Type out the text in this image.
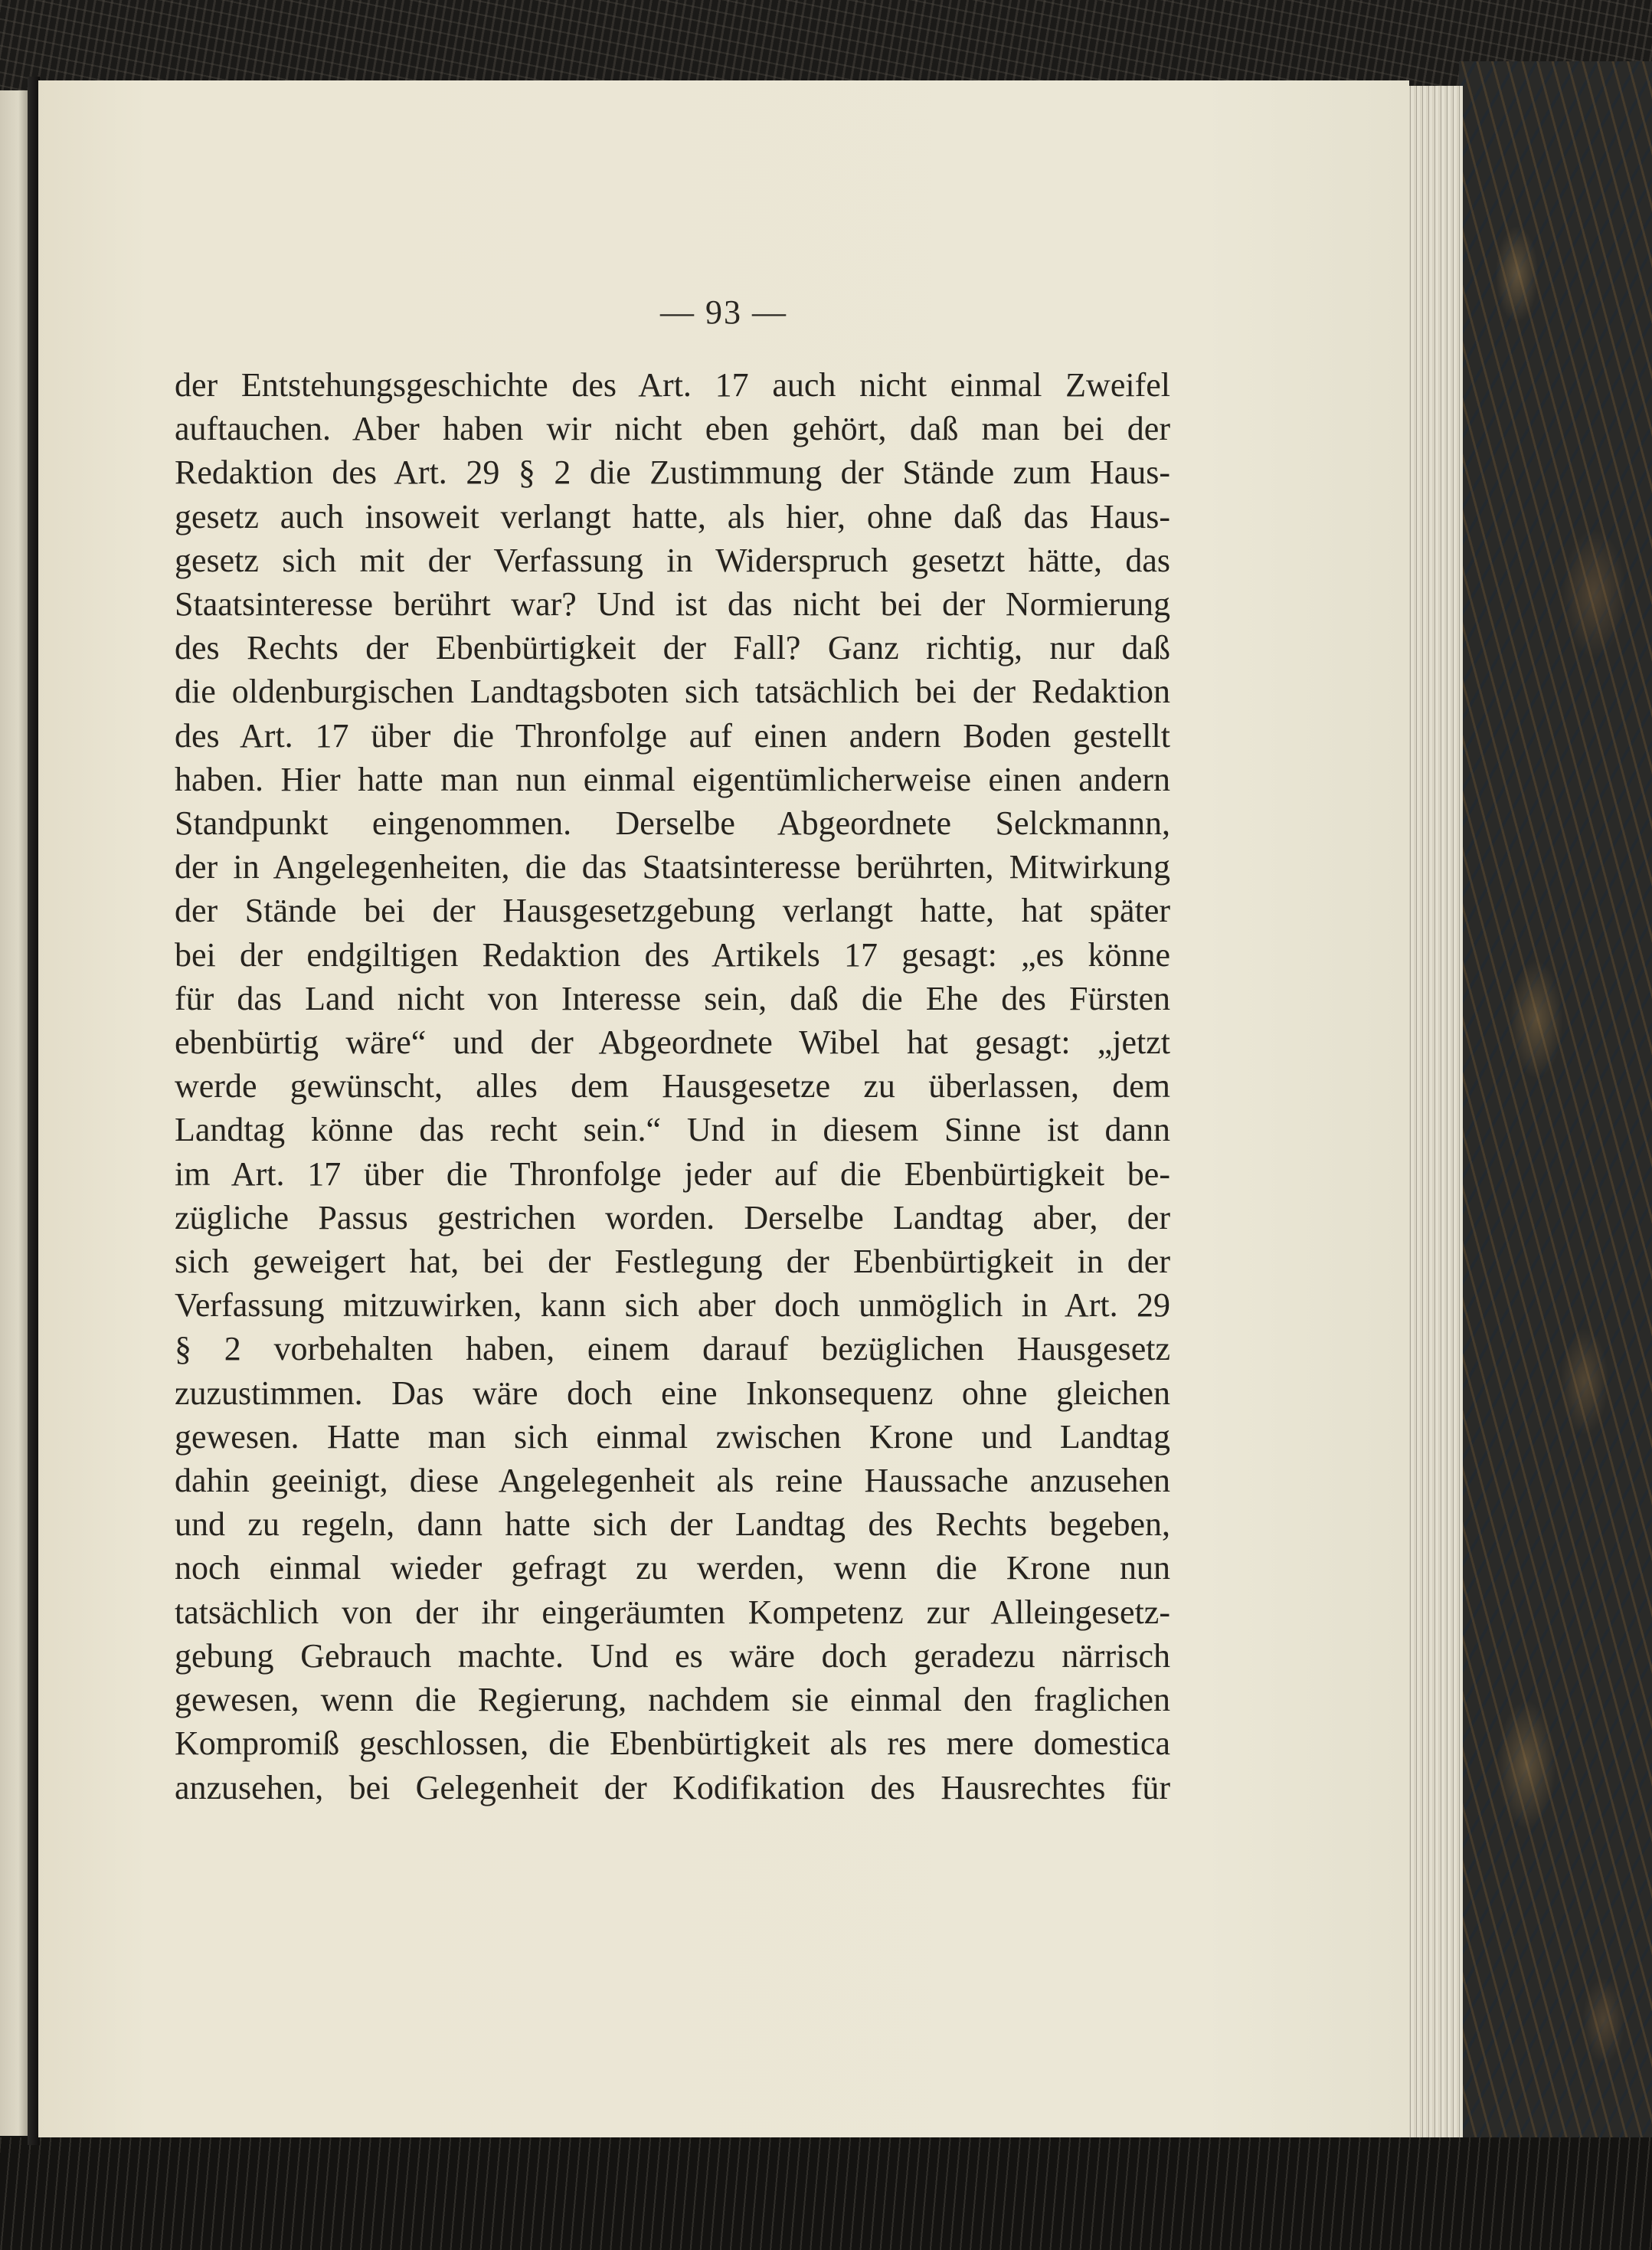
— 93 —

der Entstehungsgeschichte des Art. 17 auch nicht einmal Zweifel
auftauchen. Aber haben wir nicht eben gehört, daß man bei der
Redaktion des Art. 29 § 2 die Zustimmung der Stände zum Haus-
gesetz auch insoweit verlangt hatte, als hier, ohne daß das Haus-
gesetz sich mit der Verfassung in Widerspruch gesetzt hätte, das
Staatsinteresse berührt war? Und ist das nicht bei der Normierung
des Rechts der Ebenbürtigkeit der Fall? Ganz richtig, nur daß
die oldenburgischen Landtagsboten sich tatsächlich bei der Redaktion
des Art. 17 über die Thronfolge auf einen andern Boden gestellt
haben. Hier hatte man nun einmal eigentümlicherweise einen andern
Standpunkt eingenommen. Derselbe Abgeordnete Selckmannn,
der in Angelegenheiten, die das Staatsinteresse berührten, Mitwirkung
der Stände bei der Hausgesetzgebung verlangt hatte, hat später
bei der endgiltigen Redaktion des Artikels 17 gesagt: „es könne
für das Land nicht von Interesse sein, daß die Ehe des Fürsten
ebenbürtig wäre“ und der Abgeordnete Wibel hat gesagt: „jetzt
werde gewünscht, alles dem Hausgesetze zu überlassen, dem
Landtag könne das recht sein.“ Und in diesem Sinne ist dann
im Art. 17 über die Thronfolge jeder auf die Ebenbürtigkeit be-
zügliche Passus gestrichen worden. Derselbe Landtag aber, der
sich geweigert hat, bei der Festlegung der Ebenbürtigkeit in der
Verfassung mitzuwirken, kann sich aber doch unmöglich in Art. 29
§ 2 vorbehalten haben, einem darauf bezüglichen Hausgesetz
zuzustimmen. Das wäre doch eine Inkonsequenz ohne gleichen
gewesen. Hatte man sich einmal zwischen Krone und Landtag
dahin geeinigt, diese Angelegenheit als reine Haussache anzusehen
und zu regeln, dann hatte sich der Landtag des Rechts begeben,
noch einmal wieder gefragt zu werden, wenn die Krone nun
tatsächlich von der ihr eingeräumten Kompetenz zur Alleingesetz-
gebung Gebrauch machte. Und es wäre doch geradezu närrisch
gewesen, wenn die Regierung, nachdem sie einmal den fraglichen
Kompromiß geschlossen, die Ebenbürtigkeit als res mere domestica
anzusehen, bei Gelegenheit der Kodifikation des Hausrechtes für
